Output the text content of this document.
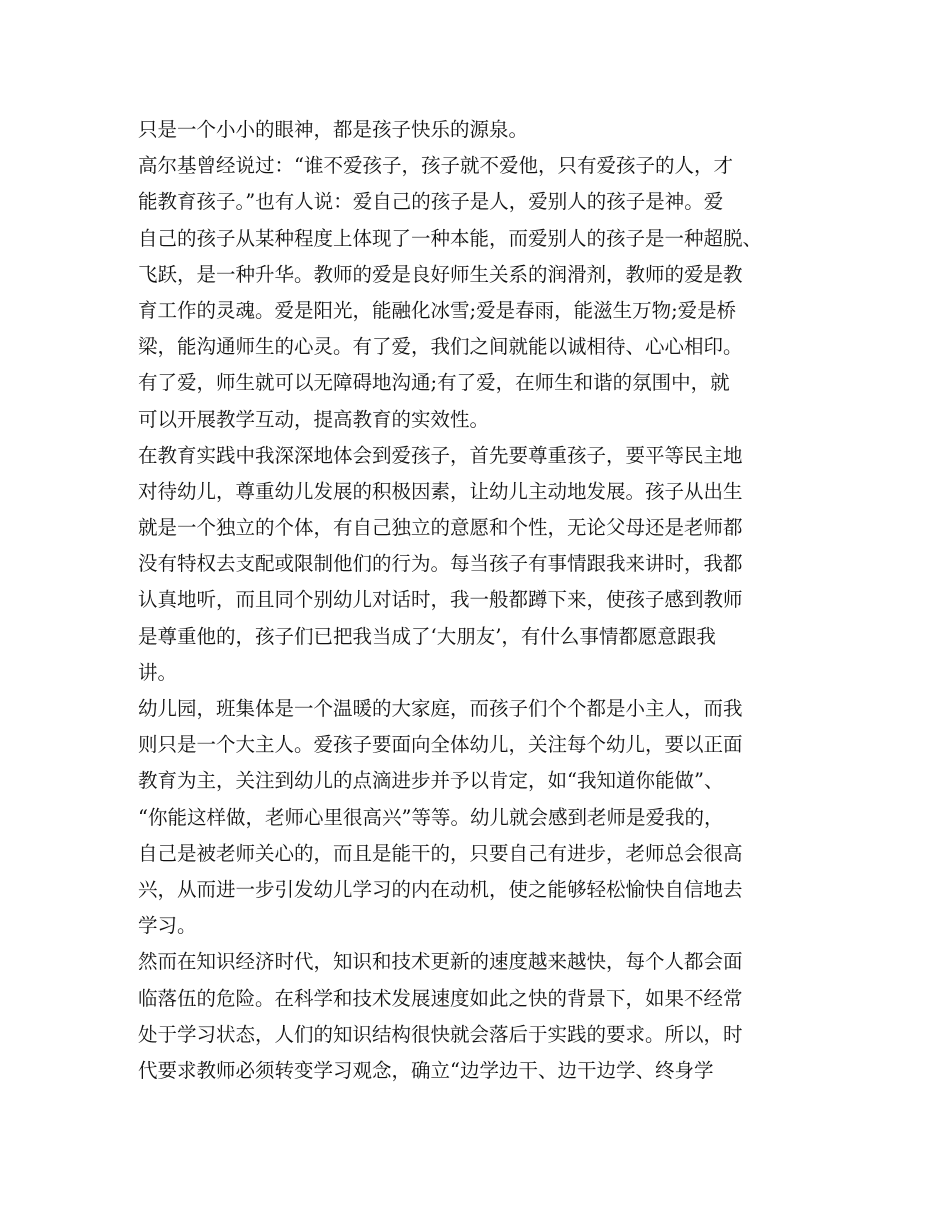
只是一个小小的眼神，都是孩子快乐的源泉。
高尔基曾经说过：“谁不爱孩子，孩子就不爱他，只有爱孩子的人，才
能教育孩子。”也有人说：爱自己的孩子是人，爱别人的孩子是神。爱
自己的孩子从某种程度上体现了一种本能，而爱别人的孩子是一种超脱、
飞跃，是一种升华。教师的爱是良好师生关系的润滑剂，教师的爱是教
育工作的灵魂。爱是阳光，能融化冰雪;爱是春雨，能滋生万物;爱是桥
梁，能沟通师生的心灵。有了爱，我们之间就能以诚相待、心心相印。
有了爱，师生就可以无障碍地沟通;有了爱，在师生和谐的氛围中，就
可以开展教学互动，提高教育的实效性。
在教育实践中我深深地体会到爱孩子，首先要尊重孩子，要平等民主地
对待幼儿，尊重幼儿发展的积极因素，让幼儿主动地发展。孩子从出生
就是一个独立的个体，有自己独立的意愿和个性，无论父母还是老师都
没有特权去支配或限制他们的行为。每当孩子有事情跟我来讲时，我都
认真地听，而且同个别幼儿对话时，我一般都蹲下来，使孩子感到教师
是尊重他的，孩子们已把我当成了‘大朋友’，有什么事情都愿意跟我
讲。
幼儿园，班集体是一个温暖的大家庭，而孩子们个个都是小主人，而我
则只是一个大主人。爱孩子要面向全体幼儿，关注每个幼儿，要以正面
教育为主，关注到幼儿的点滴进步并予以肯定，如“我知道你能做”、
“你能这样做，老师心里很高兴”等等。幼儿就会感到老师是爱我的，
自己是被老师关心的，而且是能干的，只要自己有进步，老师总会很高
兴，从而进一步引发幼儿学习的内在动机，使之能够轻松愉快自信地去
学习。
然而在知识经济时代，知识和技术更新的速度越来越快，每个人都会面
临落伍的危险。在科学和技术发展速度如此之快的背景下，如果不经常
处于学习状态，人们的知识结构很快就会落后于实践的要求。所以，时
代要求教师必须转变学习观念，确立“边学边干、边干边学、终身学
